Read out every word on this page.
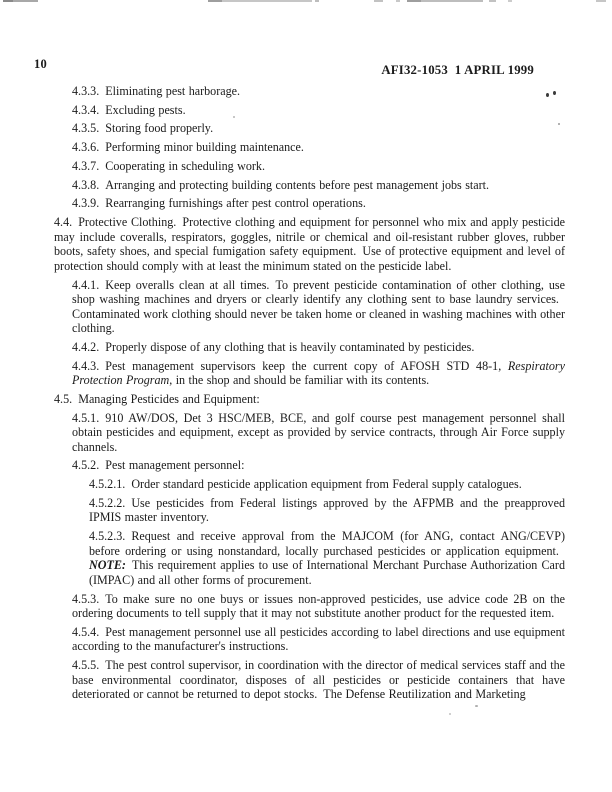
10	AFI32-1053  1 APRIL 1999

4.3.3. Eliminating pest harborage.

4.3.4. Excluding pests.

4.3.5. Storing food properly.

4.3.6. Performing minor building maintenance.

4.3.7. Cooperating in scheduling work.

4.3.8. Arranging and protecting building contents before pest management jobs start.

4.3.9. Rearranging furnishings after pest control operations.

4.4. Protective Clothing. Protective clothing and equipment for personnel who mix and apply pesticide may include coveralls, respirators, goggles, nitrile or chemical and oil-resistant rubber gloves, rubber boots, safety shoes, and special fumigation safety equipment. Use of protective equipment and level of protection should comply with at least the minimum stated on the pesticide label.

4.4.1. Keep overalls clean at all times. To prevent pesticide contamination of other clothing, use shop washing machines and dryers or clearly identify any clothing sent to base laundry services. Contaminated work clothing should never be taken home or cleaned in washing machines with other clothing.

4.4.2. Properly dispose of any clothing that is heavily contaminated by pesticides.

4.4.3. Pest management supervisors keep the current copy of AFOSH STD 48-1, Respiratory Protection Program, in the shop and should be familiar with its contents.

4.5. Managing Pesticides and Equipment:

4.5.1. 910 AW/DOS, Det 3 HSC/MEB, BCE, and golf course pest management personnel shall obtain pesticides and equipment, except as provided by service contracts, through Air Force supply channels.

4.5.2. Pest management personnel:

4.5.2.1. Order standard pesticide application equipment from Federal supply catalogues.

4.5.2.2. Use pesticides from Federal listings approved by the AFPMB and the preapproved IPMIS master inventory.

4.5.2.3. Request and receive approval from the MAJCOM (for ANG, contact ANG/CEVP) before ordering or using nonstandard, locally purchased pesticides or application equipment. NOTE: This requirement applies to use of International Merchant Purchase Authorization Card (IMPAC) and all other forms of procurement.

4.5.3. To make sure no one buys or issues non-approved pesticides, use advice code 2B on the ordering documents to tell supply that it may not substitute another product for the requested item.

4.5.4. Pest management personnel use all pesticides according to label directions and use equipment according to the manufacturer's instructions.

4.5.5. The pest control supervisor, in coordination with the director of medical services staff and the base environmental coordinator, disposes of all pesticides or pesticide containers that have deteriorated or cannot be returned to depot stocks. The Defense Reutilization and Marketing
